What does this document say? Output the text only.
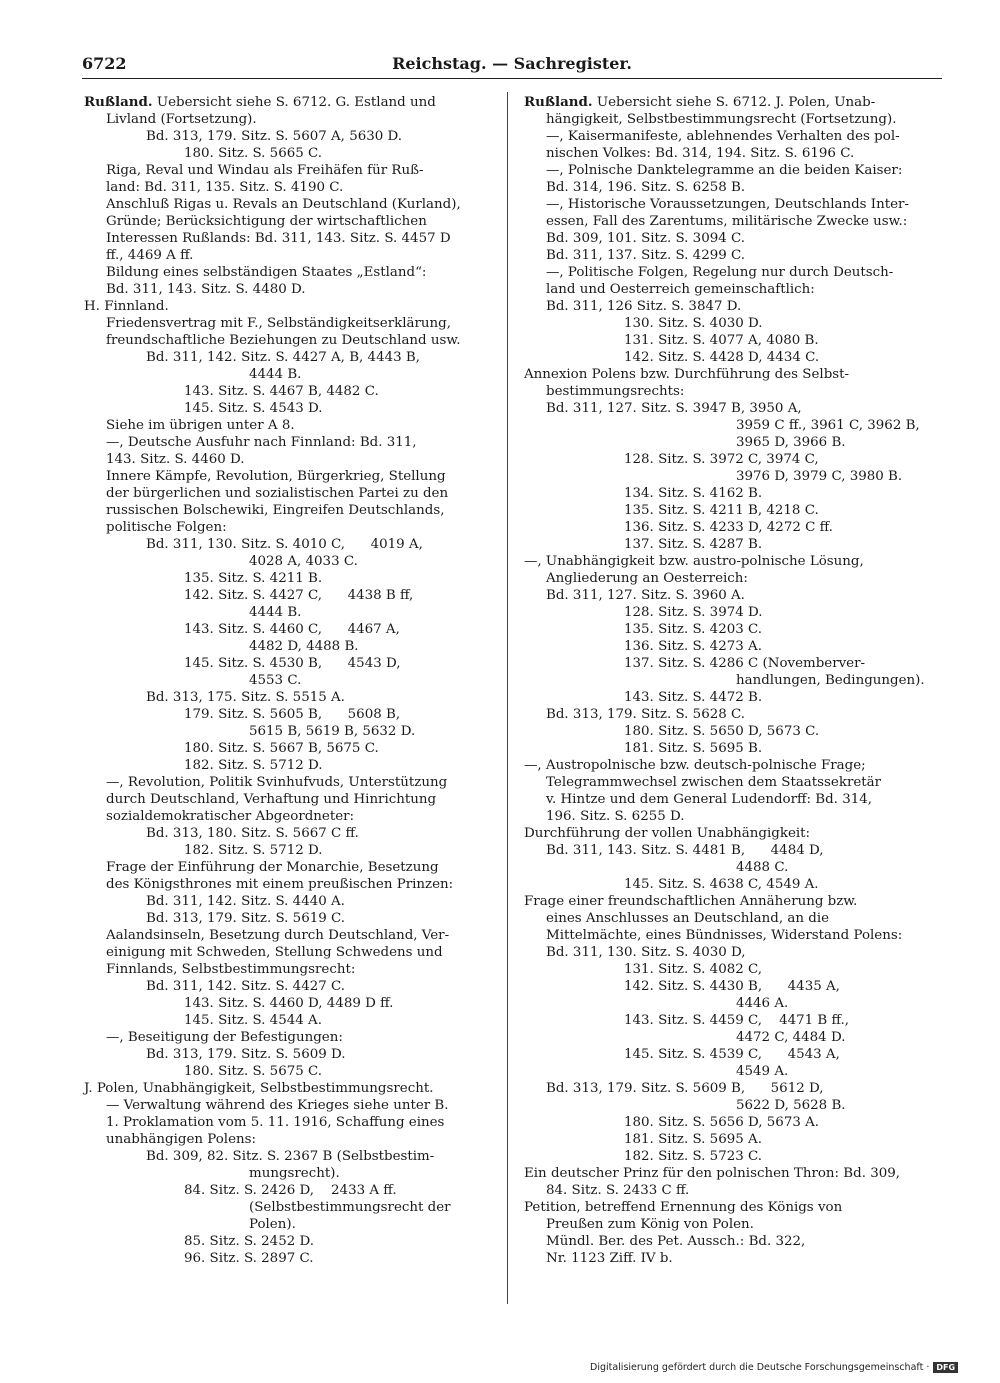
6722	Reichstag. — Sachregister.
Rußland. Uebersicht siehe S. 6712. G. Estland und
Livland (Fortsetzung).
Bd. 313, 179. Sitz. S. 5607 A, 5630 D.
180. Sitz. S. 5665 C.
Riga, Reval und Windau als Freihäfen für Ruß-
land: Bd. 311, 135. Sitz. S. 4190 C.
Anschluß Rigas u. Revals an Deutschland (Kurland),
Gründe; Berücksichtigung der wirtschaftlichen
Interessen Rußlands: Bd. 311, 143. Sitz. S. 4457 D
ff., 4469 A ff.
Bildung eines selbständigen Staates „Estland“:
Bd. 311, 143. Sitz. S. 4480 D.
H. Finnland.
Friedensvertrag mit F., Selbständigkeitserklärung,
freundschaftliche Beziehungen zu Deutschland usw.
Bd. 311, 142. Sitz. S. 4427 A, B, 4443 B,
4444 B.
143. Sitz. S. 4467 B, 4482 C.
145. Sitz. S. 4543 D.
Siehe im übrigen unter A 8.
—, Deutsche Ausfuhr nach Finnland: Bd. 311,
143. Sitz. S. 4460 D.
Innere Kämpfe, Revolution, Bürgerkrieg, Stellung
der bürgerlichen und sozialistischen Partei zu den
russischen Bolschewiki, Eingreifen Deutschlands,
politische Folgen:
Bd. 311, 130. Sitz. S. 4010 C,      4019 A,
4028 A, 4033 C.
135. Sitz. S. 4211 B.
142. Sitz. S. 4427 C,      4438 B ff,
4444 B.
143. Sitz. S. 4460 C,      4467 A,
4482 D, 4488 B.
145. Sitz. S. 4530 B,      4543 D,
4553 C.
Bd. 313, 175. Sitz. S. 5515 A.
179. Sitz. S. 5605 B,      5608 B,
5615 B, 5619 B, 5632 D.
180. Sitz. S. 5667 B, 5675 C.
182. Sitz. S. 5712 D.
—, Revolution, Politik Svinhufvuds, Unterstützung
durch Deutschland, Verhaftung und Hinrichtung
sozialdemokratischer Abgeordneter:
Bd. 313, 180. Sitz. S. 5667 C ff.
182. Sitz. S. 5712 D.
Frage der Einführung der Monarchie, Besetzung
des Königsthrones mit einem preußischen Prinzen:
Bd. 311, 142. Sitz. S. 4440 A.
Bd. 313, 179. Sitz. S. 5619 C.
Aalandsinseln, Besetzung durch Deutschland, Ver-
einigung mit Schweden, Stellung Schwedens und
Finnlands, Selbstbestimmungsrecht:
Bd. 311, 142. Sitz. S. 4427 C.
143. Sitz. S. 4460 D, 4489 D ff.
145. Sitz. S. 4544 A.
—, Beseitigung der Befestigungen:
Bd. 313, 179. Sitz. S. 5609 D.
180. Sitz. S. 5675 C.
J. Polen, Unabhängigkeit, Selbstbestimmungsrecht.
— Verwaltung während des Krieges siehe unter B.
1. Proklamation vom 5. 11. 1916, Schaffung eines
unabhängigen Polens:
Bd. 309, 82. Sitz. S. 2367 B (Selbstbestim-
mungsrecht).
84. Sitz. S. 2426 D,    2433 A ff.
(Selbstbestimmungsrecht der
Polen).
85. Sitz. S. 2452 D.
96. Sitz. S. 2897 C.
Rußland. Uebersicht siehe S. 6712. J. Polen, Unab-
hängigkeit, Selbstbestimmungsrecht (Fortsetzung).
—, Kaisermanifeste, ablehnendes Verhalten des pol-
nischen Volkes: Bd. 314, 194. Sitz. S. 6196 C.
—, Polnische Danktelegramme an die beiden Kaiser:
Bd. 314, 196. Sitz. S. 6258 B.
—, Historische Voraussetzungen, Deutschlands Inter-
essen, Fall des Zarentums, militärische Zwecke usw.:
Bd. 309, 101. Sitz. S. 3094 C.
Bd. 311, 137. Sitz. S. 4299 C.
—, Politische Folgen, Regelung nur durch Deutsch-
land und Oesterreich gemeinschaftlich:
Bd. 311, 126 Sitz. S. 3847 D.
130. Sitz. S. 4030 D.
131. Sitz. S. 4077 A, 4080 B.
142. Sitz. S. 4428 D, 4434 C.
Annexion Polens bzw. Durchführung des Selbst-
bestimmungsrechts:
Bd. 311, 127. Sitz. S. 3947 B, 3950 A,
3959 C ff., 3961 C, 3962 B,
3965 D, 3966 B.
128. Sitz. S. 3972 C, 3974 C,
3976 D, 3979 C, 3980 B.
134. Sitz. S. 4162 B.
135. Sitz. S. 4211 B, 4218 C.
136. Sitz. S. 4233 D, 4272 C ff.
137. Sitz. S. 4287 B.
—, Unabhängigkeit bzw. austro-polnische Lösung,
Angliederung an Oesterreich:
Bd. 311, 127. Sitz. S. 3960 A.
128. Sitz. S. 3974 D.
135. Sitz. S. 4203 C.
136. Sitz. S. 4273 A.
137. Sitz. S. 4286 C (Novemberver-
handlungen, Bedingungen).
143. Sitz. S. 4472 B.
Bd. 313, 179. Sitz. S. 5628 C.
180. Sitz. S. 5650 D, 5673 C.
181. Sitz. S. 5695 B.
—, Austropolnische bzw. deutsch-polnische Frage;
Telegrammwechsel zwischen dem Staatssekretär
v. Hintze und dem General Ludendorff: Bd. 314,
196. Sitz. S. 6255 D.
Durchführung der vollen Unabhängigkeit:
Bd. 311, 143. Sitz. S. 4481 B,      4484 D,
4488 C.
145. Sitz. S. 4638 C, 4549 A.
Frage einer freundschaftlichen Annäherung bzw.
eines Anschlusses an Deutschland, an die
Mittelmächte, eines Bündnisses, Widerstand Polens:
Bd. 311, 130. Sitz. S. 4030 D,
131. Sitz. S. 4082 C,
142. Sitz. S. 4430 B,      4435 A,
4446 A.
143. Sitz. S. 4459 C,    4471 B ff.,
4472 C, 4484 D.
145. Sitz. S. 4539 C,      4543 A,
4549 A.
Bd. 313, 179. Sitz. S. 5609 B,      5612 D,
5622 D, 5628 B.
180. Sitz. S. 5656 D, 5673 A.
181. Sitz. S. 5695 A.
182. Sitz. S. 5723 C.
Ein deutscher Prinz für den polnischen Thron: Bd. 309,
84. Sitz. S. 2433 C ff.
Petition, betreffend Ernennung des Königs von
Preußen zum König von Polen.
Mündl. Ber. des Pet. Aussch.: Bd. 322,
Nr. 1123 Ziff. IV b.
Digitalisierung gefördert durch die Deutsche Forschungsgemeinschaft · DFG
